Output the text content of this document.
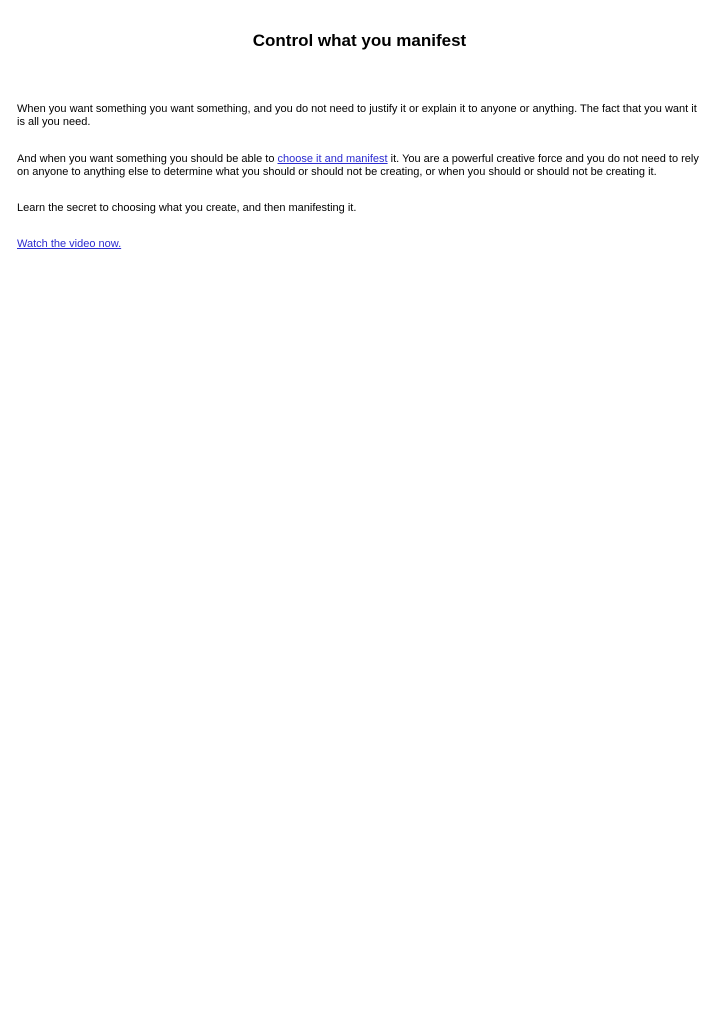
Control what you manifest

When you want something you want something, and you do not need to justify it or explain it to anyone or anything. The fact that you want it is all you need.

And when you want something you should be able to choose it and manifest it. You are a powerful creative force and you do not need to rely on anyone to anything else to determine what you should or should not be creating, or when you should or should not be creating it.

Learn the secret to choosing what you create, and then manifesting it.

Watch the video now.
